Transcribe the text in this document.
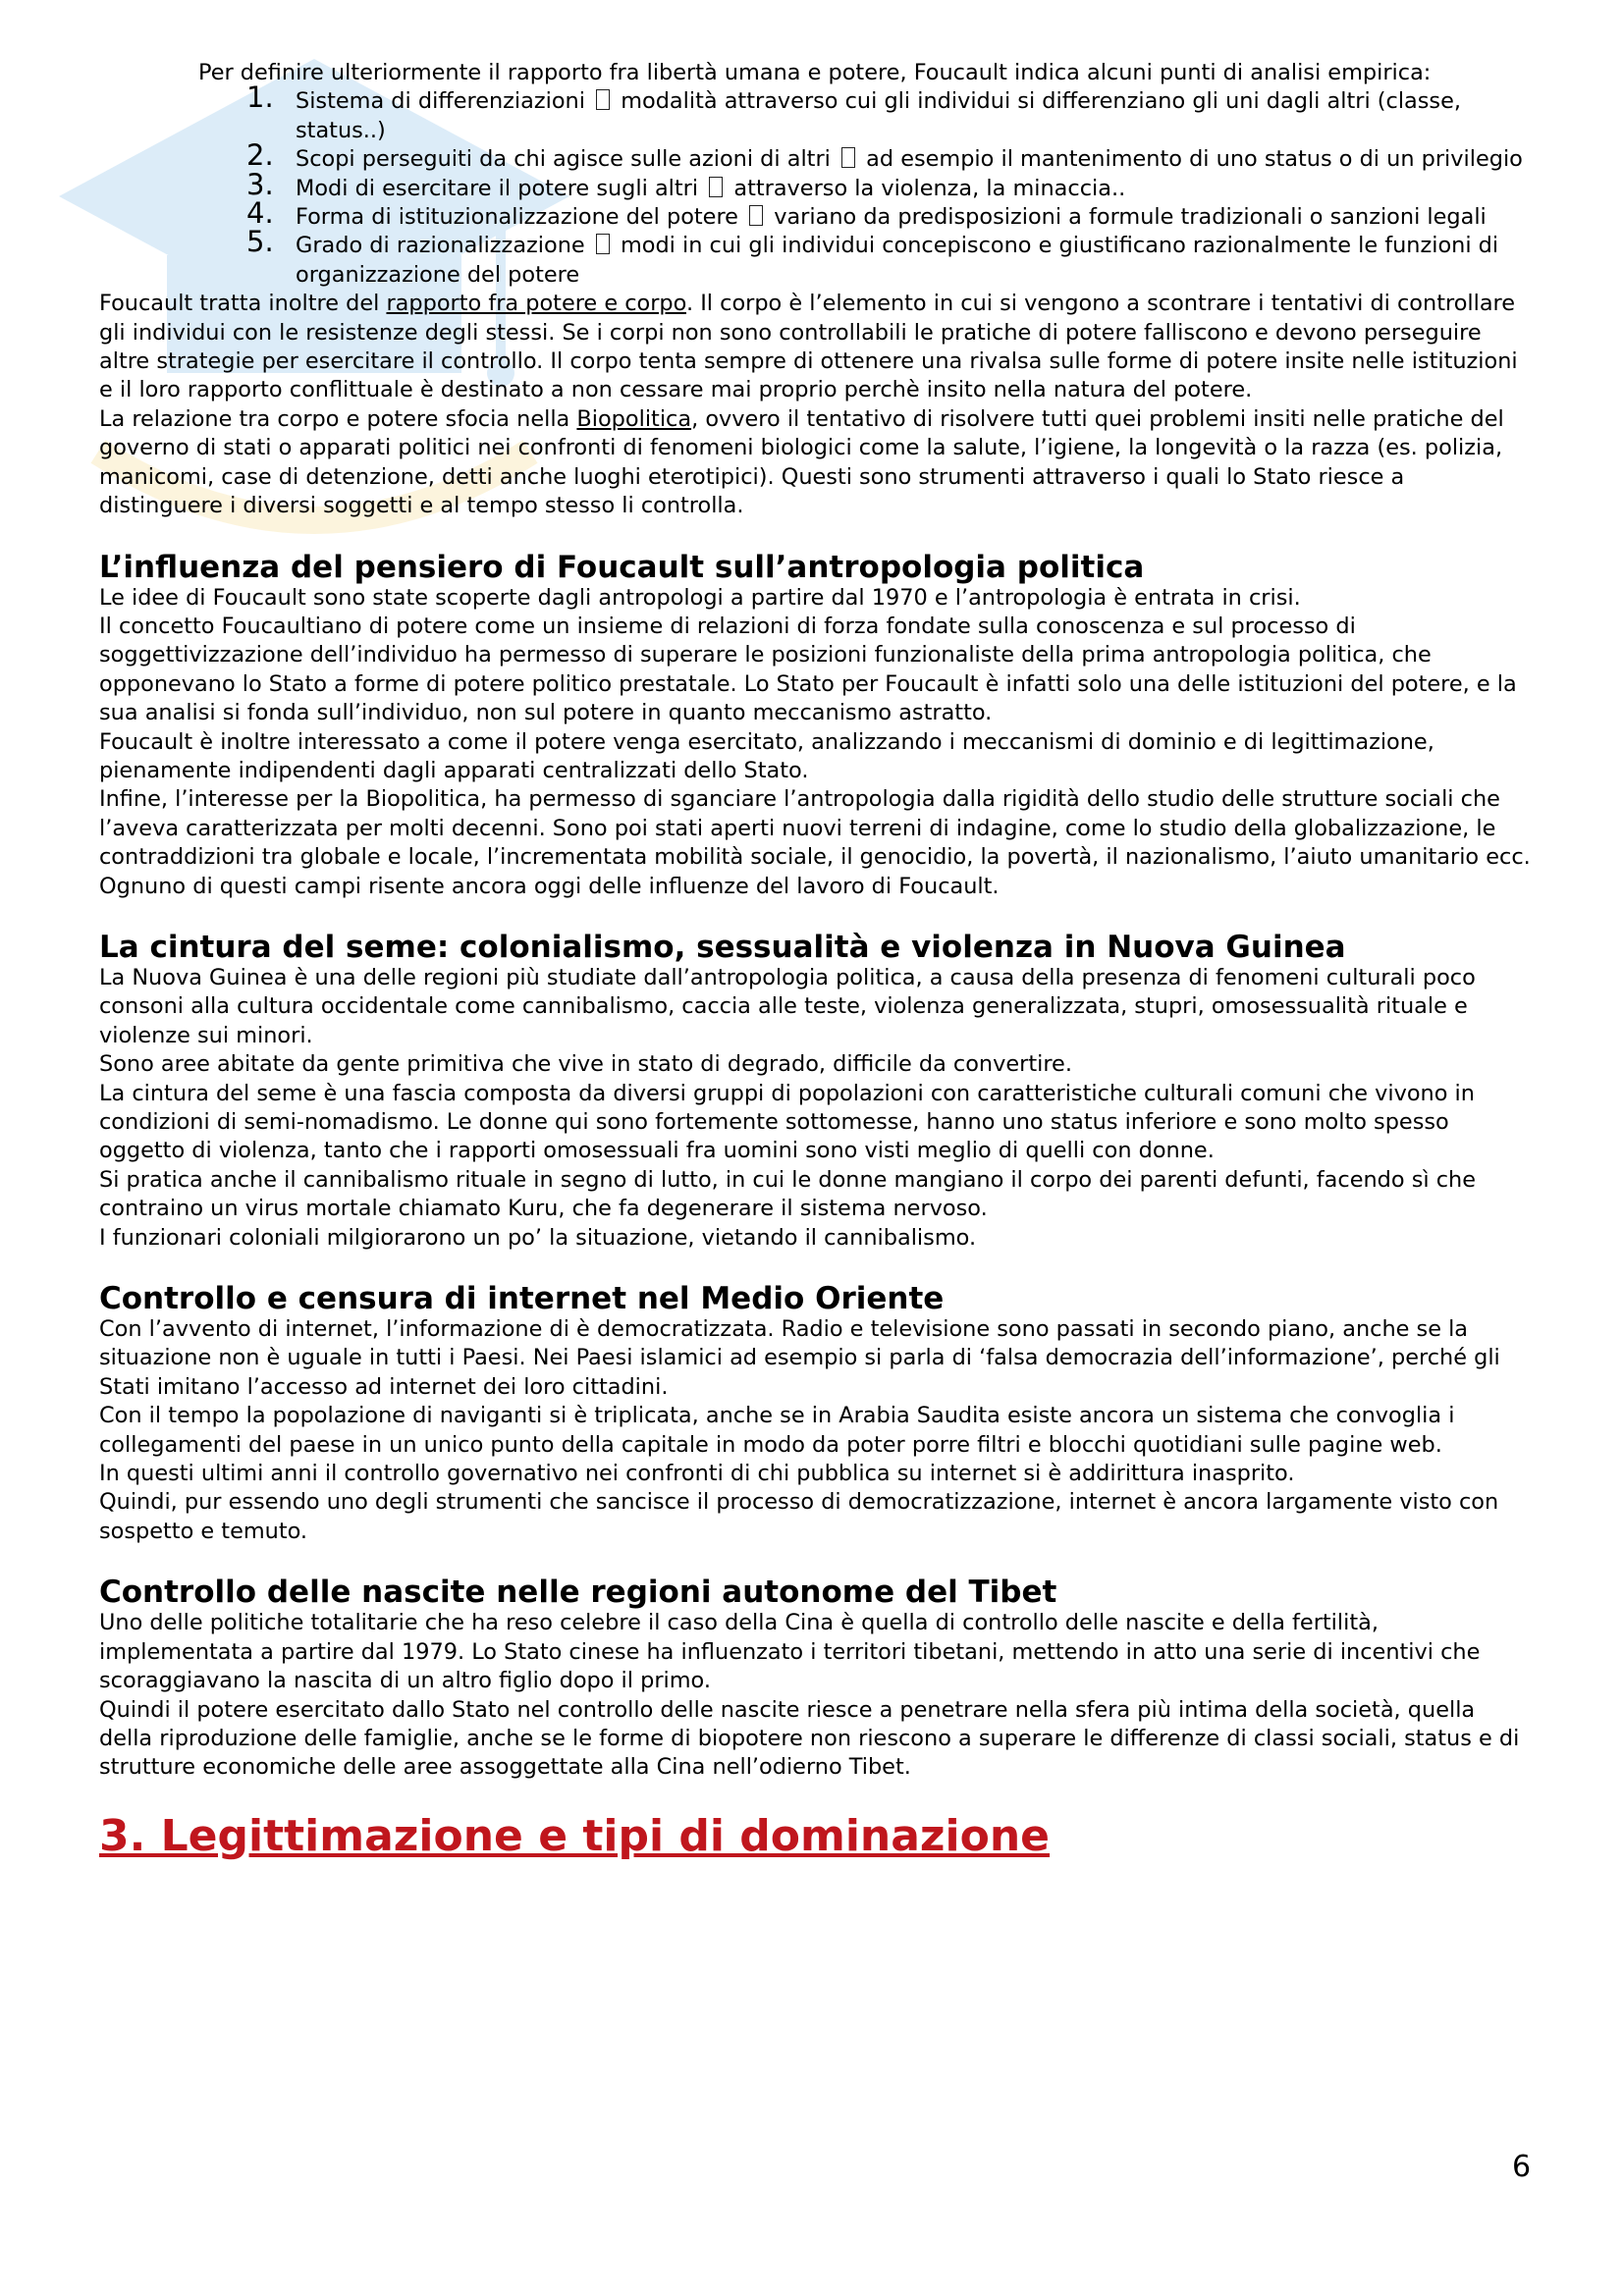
Per definire ulteriormente il rapporto fra libertà umana e potere, Foucault indica alcuni punti di analisi empirica:

1. Sistema di differenziazioni modalità attraverso cui gli individui si differenziano gli uni dagli altri (classe, status..)
2. Scopi perseguiti da chi agisce sulle azioni di altri ad esempio il mantenimento di uno status o di un privilegio
3. Modi di esercitare il potere sugli altri  attraverso la violenza, la minaccia..
4. Forma di istituzionalizzazione del potere variano da predisposizioni a formule tradizionali o sanzioni legali
5. Grado di razionalizzazione modi in cui gli individui concepiscono e giustificano razionalmente le funzioni di organizzazione del potere

Foucault tratta inoltre del rapporto fra potere e corpo. Il corpo è l’elemento in cui si vengono a scontrare i tentativi di controllare gli individui con le resistenze degli stessi. Se i corpi non sono controllabili le pratiche di potere falliscono e devono perseguire altre strategie per esercitare il controllo. Il corpo tenta sempre di ottenere una rivalsa sulle forme di potere insite nelle istituzioni e il loro rapporto conflittuale è destinato a non cessare mai proprio perchè insito nella natura del potere.

La relazione tra corpo e potere sfocia nella Biopolitica, ovvero il tentativo di risolvere tutti quei problemi insiti nelle pratiche del governo di stati o apparati politici nei confronti di fenomeni biologici come la salute, l’igiene, la longevità o la razza (es. polizia, manicomi, case di detenzione, detti anche luoghi eterotipici). Questi sono strumenti attraverso i quali lo Stato riesce a distinguere i diversi soggetti e al tempo stesso li controlla.

L’influenza del pensiero di Foucault sull’antropologia politica

Le idee di Foucault sono state scoperte dagli antropologi a partire dal 1970 e l’antropologia è entrata in crisi.

Il concetto Foucaultiano di potere come un insieme di relazioni di forza fondate sulla conoscenza e sul processo di soggettivizzazione dell’individuo ha permesso di superare le posizioni funzionaliste della prima antropologia politica, che opponevano lo Stato a forme di potere politico prestatale. Lo Stato per Foucault è infatti solo una delle istituzioni del potere, e la sua analisi si fonda sull’individuo, non sul potere in quanto meccanismo astratto.

Foucault è inoltre interessato a come il potere venga esercitato, analizzando i meccanismi di dominio e di legittimazione, pienamente indipendenti dagli apparati centralizzati dello Stato.

Infine, l’interesse per la Biopolitica, ha permesso di sganciare l’antropologia dalla rigidità dello studio delle strutture sociali che l’aveva caratterizzata per molti decenni. Sono poi stati aperti nuovi terreni di indagine, come lo studio della globalizzazione, le contraddizioni tra globale e locale, l’incrementata mobilità sociale, il genocidio, la povertà, il nazionalismo, l’aiuto umanitario ecc.

Ognuno di questi campi risente ancora oggi delle influenze del lavoro di Foucault.

La cintura del seme: colonialismo, sessualità e violenza in Nuova Guinea

La Nuova Guinea è una delle regioni più studiate dall’antropologia politica, a causa della presenza di fenomeni culturali poco consoni alla cultura occidentale come cannibalismo, caccia alle teste, violenza generalizzata, stupri, omosessualità rituale e violenze sui minori.

Sono aree abitate da gente primitiva che vive in stato di degrado, difficile da convertire.

La cintura del seme è una fascia composta da diversi gruppi di popolazioni con caratteristiche culturali comuni che vivono in condizioni di semi-nomadismo. Le donne qui sono fortemente sottomesse, hanno uno status inferiore e sono molto spesso oggetto di violenza, tanto che i rapporti omosessuali fra uomini sono visti meglio di quelli con donne.

Si pratica anche il cannibalismo rituale in segno di lutto, in cui le donne mangiano il corpo dei parenti defunti, facendo sì che contraino un virus mortale chiamato Kuru, che fa degenerare il sistema nervoso.

I funzionari coloniali milgiorarono un po’ la situazione, vietando il cannibalismo.

Controllo e censura di internet nel Medio Oriente

Con l’avvento di internet, l’informazione di è democratizzata. Radio e televisione sono passati in secondo piano, anche se la situazione non è uguale in tutti i Paesi. Nei Paesi islamici ad esempio si parla di ‘falsa democrazia dell’informazione’, perché gli Stati imitano l’accesso ad internet dei loro cittadini.

Con il tempo la popolazione di naviganti si è triplicata, anche se in Arabia Saudita esiste ancora un sistema che convoglia i collegamenti del paese in un unico punto della capitale in modo da poter porre filtri e blocchi quotidiani sulle pagine web.

In questi ultimi anni il controllo governativo nei confronti di chi pubblica su internet si è addirittura inasprito.

Quindi, pur essendo uno degli strumenti che sancisce il processo di democratizzazione, internet è ancora largamente visto con sospetto e temuto.

Controllo delle nascite nelle regioni autonome del Tibet

Uno delle politiche totalitarie che ha reso celebre il caso della Cina è quella di controllo delle nascite e della fertilità, implementata a partire dal 1979. Lo Stato cinese ha influenzato i territori tibetani, mettendo in atto una serie di incentivi che scoraggiavano la nascita di un altro figlio dopo il primo.

Quindi il potere esercitato dallo Stato nel controllo delle nascite riesce a penetrare nella sfera più intima della società, quella della riproduzione delle famiglie, anche se le forme di biopotere non riescono a superare le differenze di classi sociali, status e di strutture economiche delle aree assoggettate alla Cina nell’odierno Tibet.

3. Legittimazione e tipi di dominazione
6
